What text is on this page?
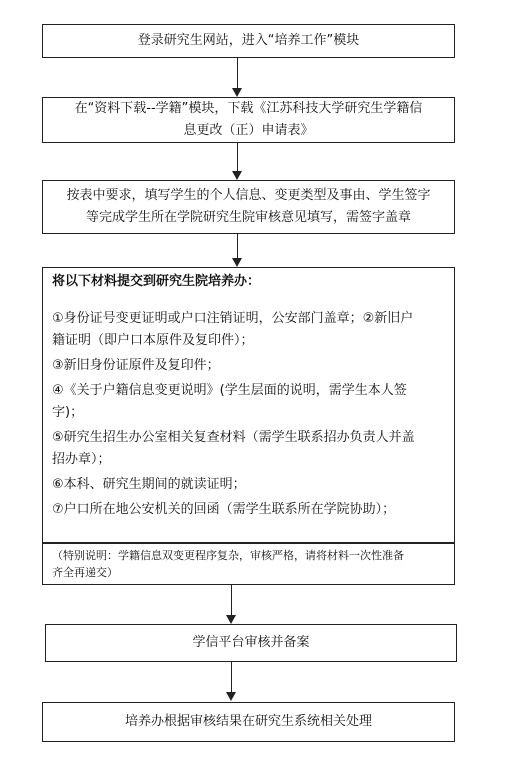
登录研究生网站，进入“培养工作”模块
在“资料下载--学籍”模块，下载《江苏科技大学研究生学籍信
息更改（正）申请表》
按表中要求，填写学生的个人信息、变更类型及事由、学生签字
等完成学生所在学院研究生院审核意见填写，需签字盖章

将以下材料提交到研究生院培养办：

①身份证号变更证明或户口注销证明，公安部门盖章；②新旧户

籍证明（即户口本原件及复印件）；

③新旧身份证原件及复印件；

④《关于户籍信息变更说明》(学生层面的说明，需学生本人签

字)；

⑤研究生招生办公室相关复查材料（需学生联系招办负责人并盖

招办章）；

⑥本科、研究生期间的就读证明；

⑦户口所在地公安机关的回函（需学生联系所在学院协助）；

（特别说明：学籍信息双变更程序复杂，审核严格，请将材料一次性准备
齐全再递交）
学信平台审核并备案
培养办根据审核结果在研究生系统相关处理
